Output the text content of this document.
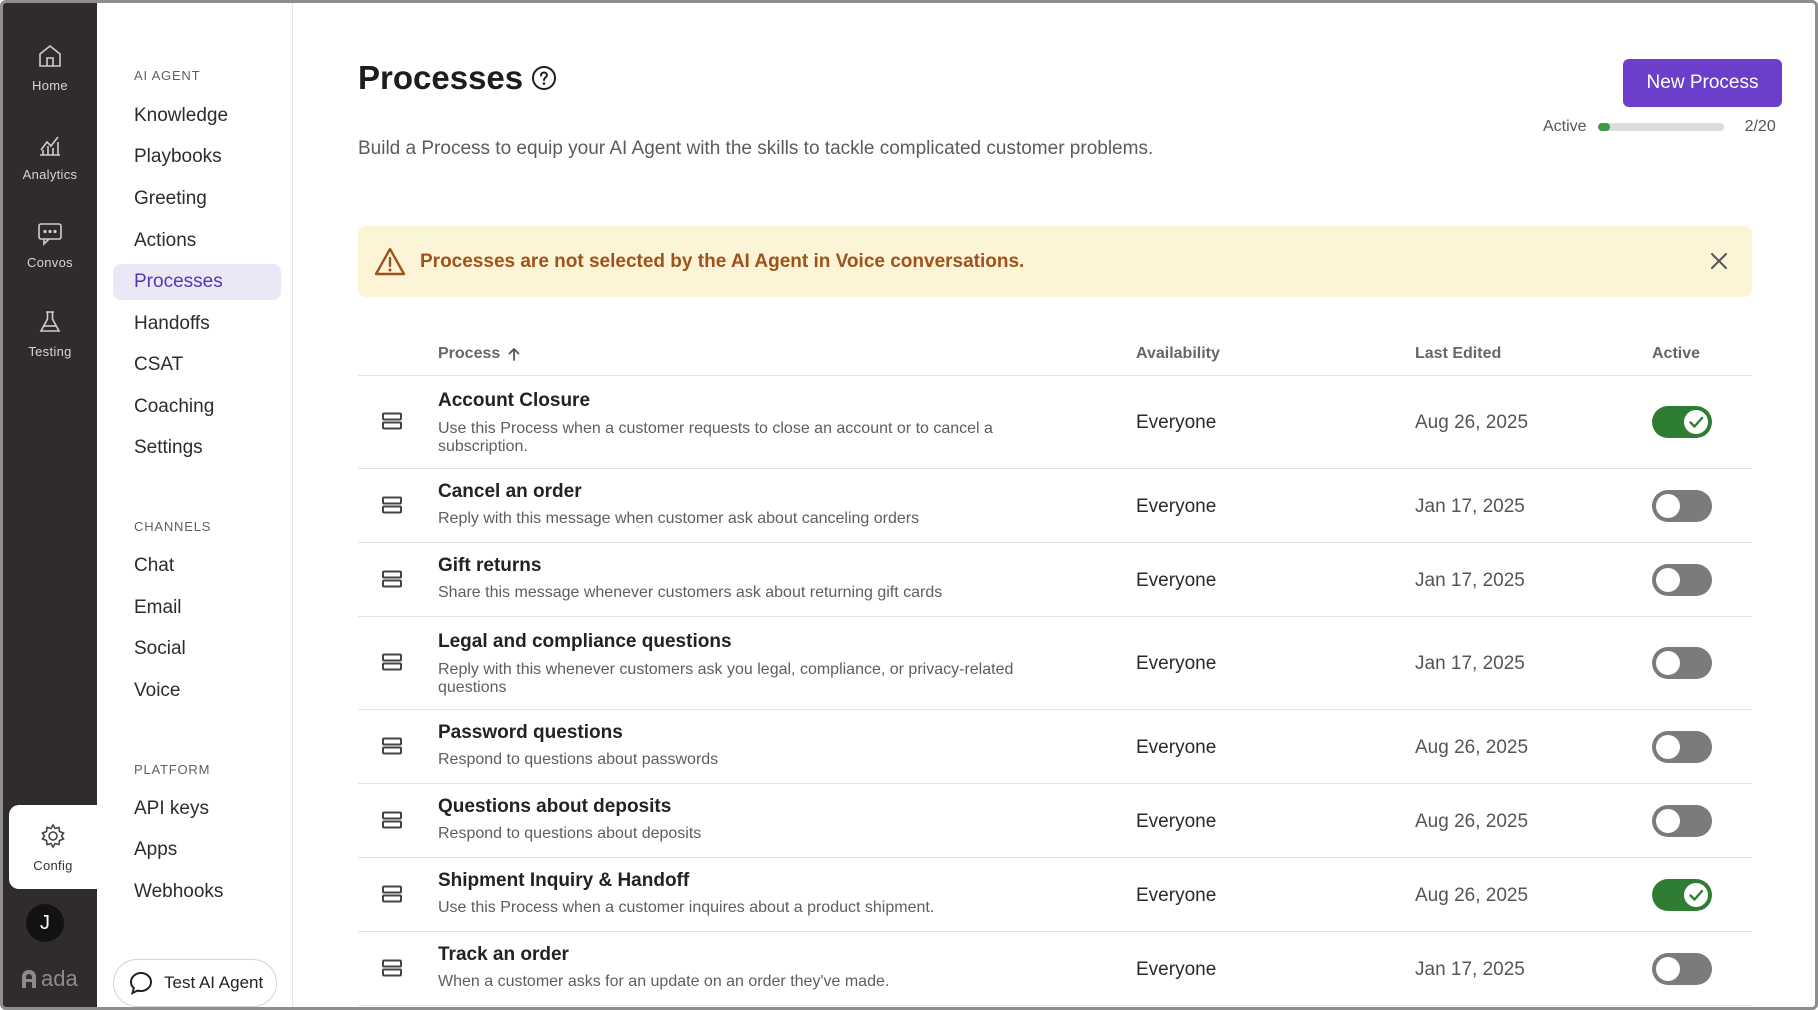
Home
Analytics
Convos
Testing
Config
J
ada
AI AGENT
Knowledge
Playbooks
Greeting
Actions
Processes
Handoffs
CSAT
Coaching
Settings
CHANNELS
Chat
Email
Social
Voice
PLATFORM
API keys
Apps
Webhooks
Test AI Agent
Processes

Build a Process to equip your AI Agent with the skills to tackle complicated customer problems.

New Process
Active	2/20
Processes are not selected by the AI Agent in Voice conversations.
Process	Availability	Last Edited	Active
Account Closure
Use this Process when a customer requests to close an account or to cancel a
subscription.
Everyone	Aug 26, 2025
Cancel an order
Reply with this message when customer ask about canceling orders
Everyone	Jan 17, 2025
Gift returns
Share this message whenever customers ask about returning gift cards
Everyone	Jan 17, 2025
Legal and compliance questions
Reply with this whenever customers ask you legal, compliance, or privacy-related
questions
Everyone	Jan 17, 2025
Password questions
Respond to questions about passwords
Everyone	Aug 26, 2025
Questions about deposits
Respond to questions about deposits
Everyone	Aug 26, 2025
Shipment Inquiry & Handoff
Use this Process when a customer inquires about a product shipment.
Everyone	Aug 26, 2025
Track an order
When a customer asks for an update on an order they've made.
Everyone	Jan 17, 2025
